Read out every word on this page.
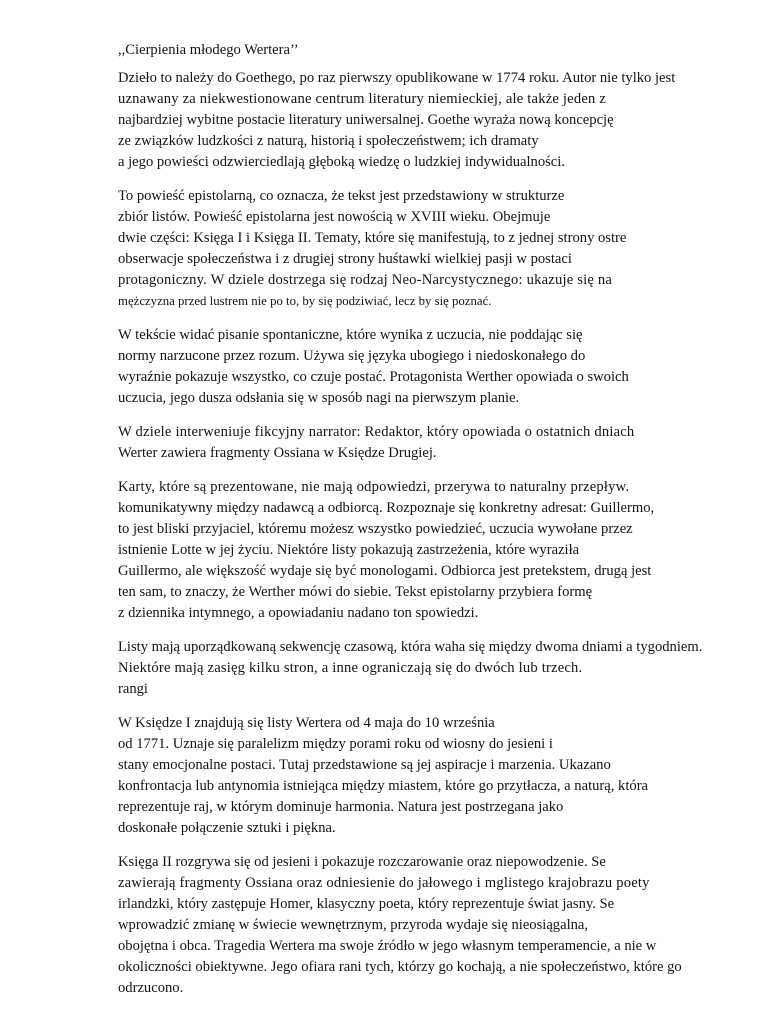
,,Cierpienia młodego Wertera’’
Dzieło to należy do Goethego, po raz pierwszy opublikowane w 1774 roku. Autor nie tylko jest
uznawany za niekwestionowane centrum literatury niemieckiej, ale także jeden z
najbardziej wybitne postacie literatury uniwersalnej. Goethe wyraża nową koncepcję
ze związków ludzkości z naturą, historią i społeczeństwem; ich dramaty
a jego powieści odzwierciedlają głęboką wiedzę o ludzkiej indywidualności.
To powieść epistolarną, co oznacza, że tekst jest przedstawiony w strukturze
zbiór listów. Powieść epistolarna jest nowością w XVIII wieku. Obejmuje
dwie części: Księga I i Księga II. Tematy, które się manifestują, to z jednej strony ostre
obserwacje społeczeństwa i z drugiej strony huśtawki wielkiej pasji w postaci
protagoniczny. W dziele dostrzega się rodzaj Neo-Narcystycznego: ukazuje się na
mężczyzna przed lustrem nie po to, by się podziwiać, lecz by się poznać.
W tekście widać pisanie spontaniczne, które wynika z uczucia, nie poddając się
normy narzucone przez rozum. Używa się języka ubogiego i niedoskonałego do
wyraźnie pokazuje wszystko, co czuje postać. Protagonista Werther opowiada o swoich
uczucia, jego dusza odsłania się w sposób nagi na pierwszym planie.
W dziele interweniuje fikcyjny narrator: Redaktor, który opowiada o ostatnich dniach
Werter zawiera fragmenty Ossiana w Księdze Drugiej.
Karty, które są prezentowane, nie mają odpowiedzi, przerywa to naturalny przepływ.
komunikatywny między nadawcą a odbiorcą. Rozpoznaje się konkretny adresat: Guillermo,
to jest bliski przyjaciel, któremu możesz wszystko powiedzieć, uczucia wywołane przez
istnienie Lotte w jej życiu. Niektóre listy pokazują zastrzeżenia, które wyraziła
Guillermo, ale większość wydaje się być monologami. Odbiorca jest pretekstem, drugą jest
ten sam, to znaczy, że Werther mówi do siebie. Tekst epistolarny przybiera formę
z dziennika intymnego, a opowiadaniu nadano ton spowiedzi.
Listy mają uporządkowaną sekwencję czasową, która waha się między dwoma dniami a tygodniem.
Niektóre mają zasięg kilku stron, a inne ograniczają się do dwóch lub trzech.
rangi
W Księdze I znajdują się listy Wertera od 4 maja do 10 września
od 1771. Uznaje się paralelizm między porami roku od wiosny do jesieni i
stany emocjonalne postaci. Tutaj przedstawione są jej aspiracje i marzenia. Ukazano
konfrontacja lub antynomia istniejąca między miastem, które go przytłacza, a naturą, która
reprezentuje raj, w którym dominuje harmonia. Natura jest postrzegana jako
doskonałe połączenie sztuki i piękna.
Księga II rozgrywa się od jesieni i pokazuje rozczarowanie oraz niepowodzenie. Se
zawierają fragmenty Ossiana oraz odniesienie do jałowego i mglistego krajobrazu poety
irlandzki, który zastępuje Homer, klasyczny poeta, który reprezentuje świat jasny. Se
wprowadzić zmianę w świecie wewnętrznym, przyroda wydaje się nieosiągalna,
obojętna i obca. Tragedia Wertera ma swoje źródło w jego własnym temperamencie, a nie w
okoliczności obiektywne. Jego ofiara rani tych, którzy go kochają, a nie społeczeństwo, które go
odrzucono.
